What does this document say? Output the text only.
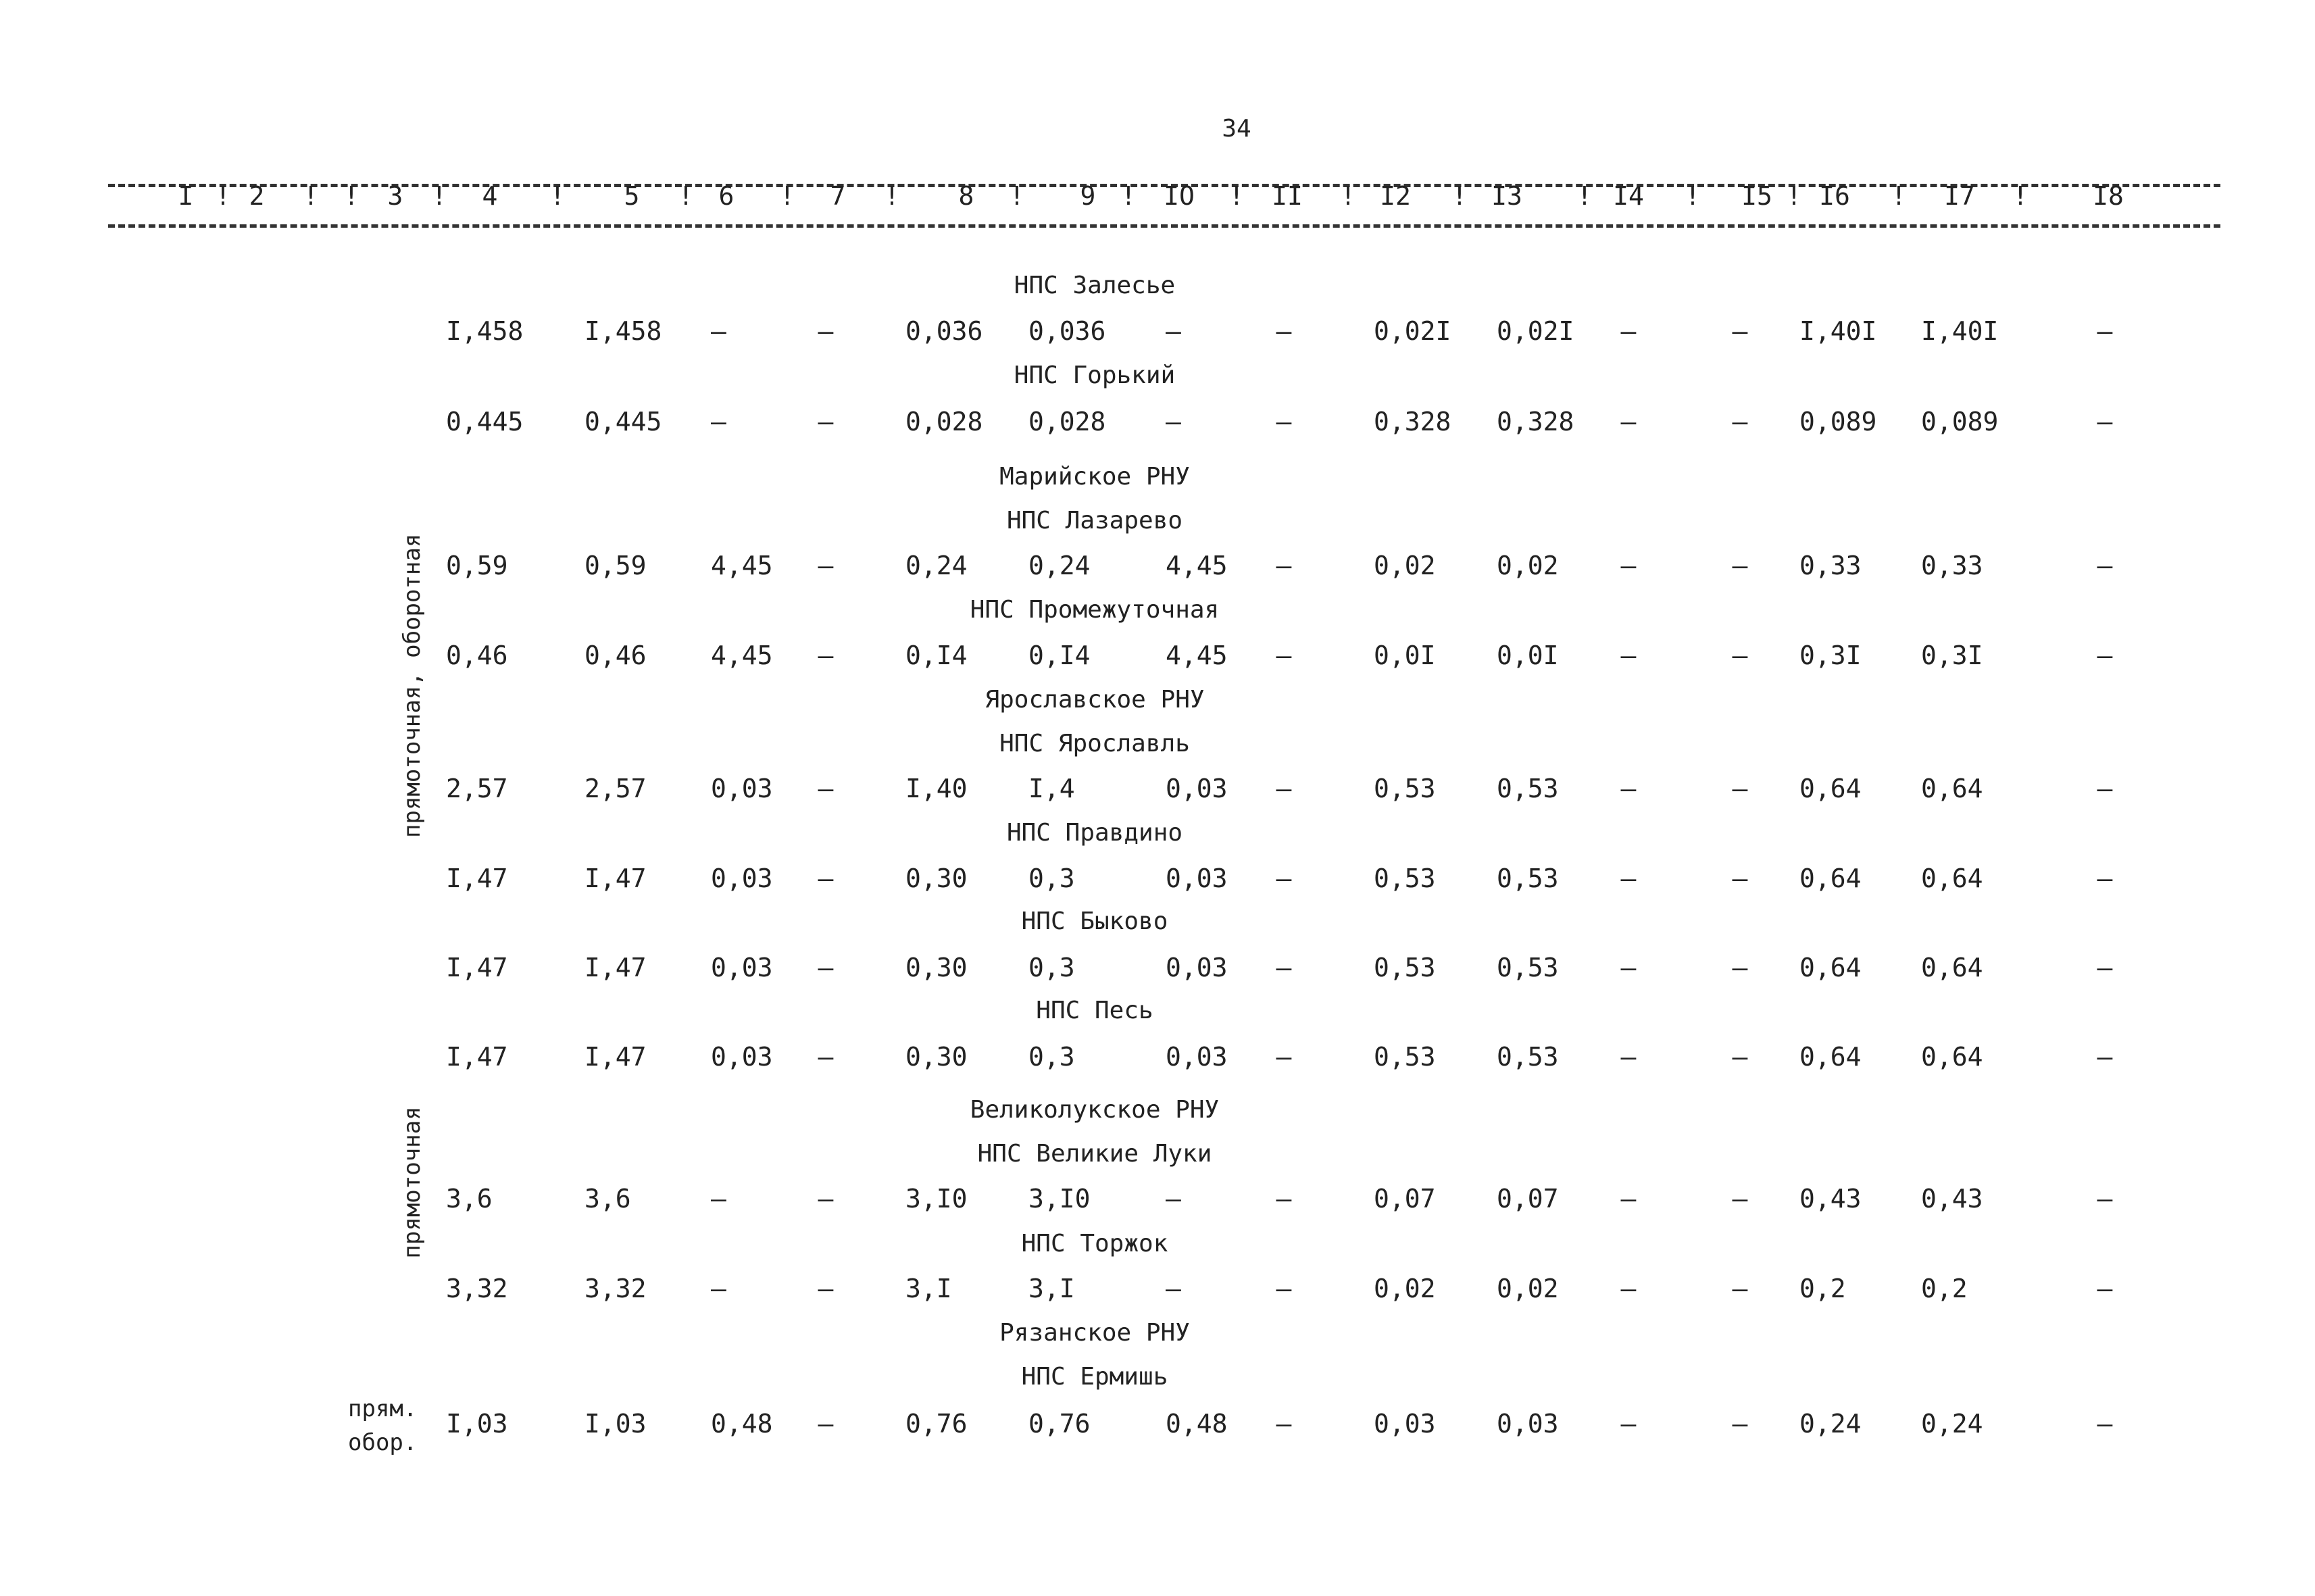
34
I 2	3	4	5	6	7	8	9	IO	II	I2	I3	I4	I5 I6	I7	I8
!	! !	!	!	!	!	!	!	!	!	!	!	!	!	!	!	!
НПС Залесье
I,458 I,458 –	–	0,036 0,036 –	–	0,02I 0,02I –	– I,40I I,40I	–
НПС Горький
0,445 0,445 –	–	0,028 0,028 –	–	0,328 0,328 –	– 0,089 0,089	–
Марийское РНУ
НПС Лазарево
0,59	0,59	4,45 –	0,24 0,24	4,45 –	0,02 0,02 –	– 0,33 0,33	–
НПС Промежуточная
0,46	0,46	4,45 –	0,I4 0,I4	4,45 –	0,0I 0,0I –	– 0,3I 0,3I	–
Ярославское РНУ
НПС Ярославль
2,57	2,57	0,03 –	I,40 I,4	0,03 –	0,53 0,53 –	– 0,64 0,64	–
НПС Правдино
I,47	I,47	0,03 –	0,30 0,3	0,03 –	0,53 0,53 –	– 0,64 0,64	–
НПС Быково
I,47	I,47	0,03 –	0,30 0,3	0,03 –	0,53 0,53 –	– 0,64 0,64	–
НПС Песь
I,47	I,47	0,03 –	0,30 0,3	0,03 –	0,53 0,53 –	– 0,64 0,64	–
Великолукское РНУ
НПС Великие Луки
3,6	3,6	–	–	3,I0 3,I0	–	–	0,07 0,07 –	– 0,43 0,43	–
НПС Торжок
3,32	3,32	–	–	3,I	3,I	–	–	0,02 0,02 –	– 0,2	0,2	–
Рязанское РНУ
НПС Ермишь
I,03	I,03	0,48 –	0,76 0,76	0,48 –	0,03 0,03 –	– 0,24 0,24	–
прямоточная, оборотная
прямоточная
прям.
обор.
